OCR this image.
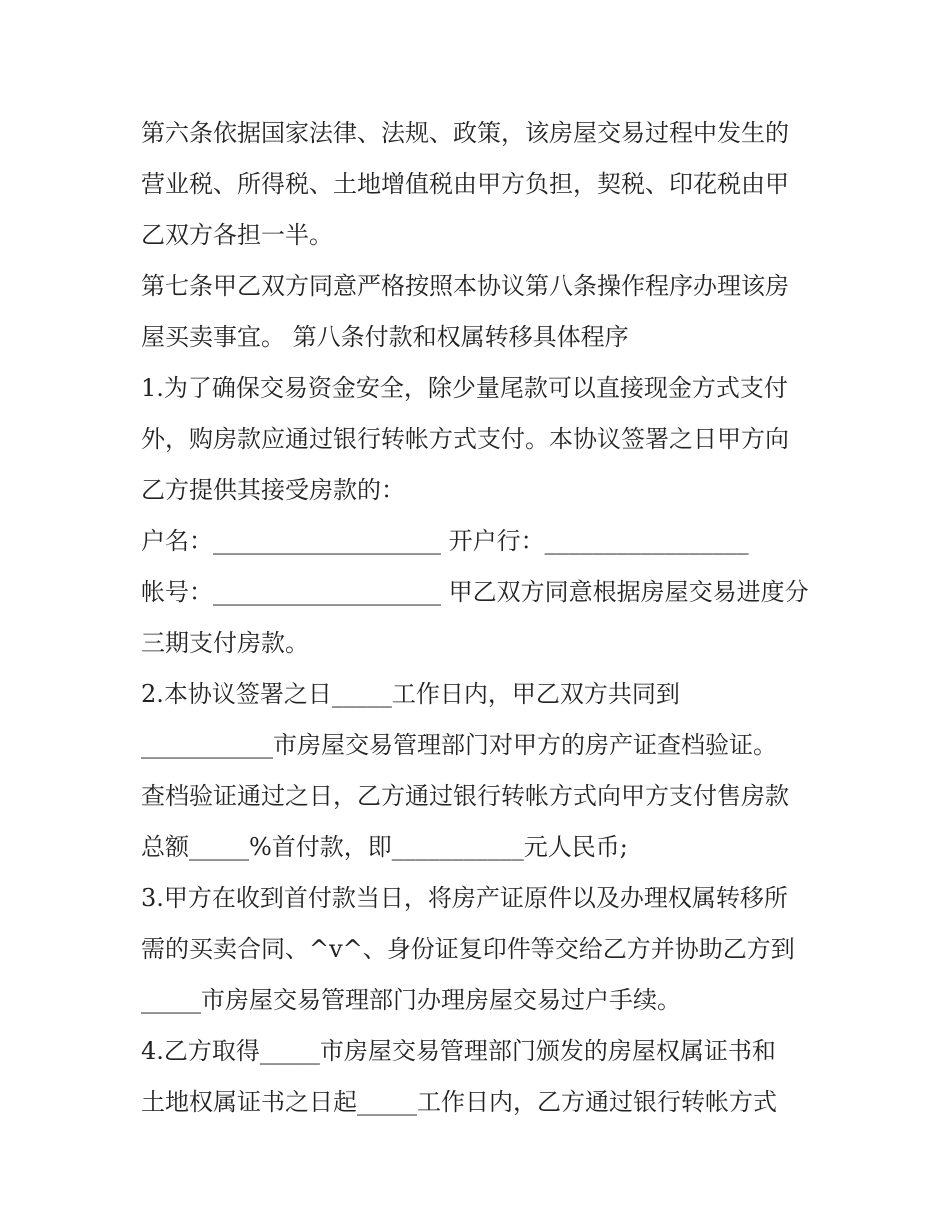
第六条依据国家法律、法规、政策，该房屋交易过程中发生的
营业税、所得税、土地增值税由甲方负担，契税、印花税由甲
乙双方各担一半。
第七条甲乙双方同意严格按照本协议第八条操作程序办理该房
屋买卖事宜。 第八条付款和权属转移具体程序
1.为了确保交易资金安全，除少量尾款可以直接现金方式支付
外，购房款应通过银行转帐方式支付。本协议签署之日甲方向
乙方提供其接受房款的：
户名：___________________ 开户行：_________________
帐号：___________________ 甲乙双方同意根据房屋交易进度分
三期支付房款。
2.本协议签署之日_____工作日内，甲乙双方共同到
___________市房屋交易管理部门对甲方的房产证查档验证。
查档验证通过之日，乙方通过银行转帐方式向甲方支付售房款
总额_____%首付款，即___________元人民币;
3.甲方在收到首付款当日，将房产证原件以及办理权属转移所
需的买卖合同、^v^、身份证复印件等交给乙方并协助乙方到
_____市房屋交易管理部门办理房屋交易过户手续。
4.乙方取得_____市房屋交易管理部门颁发的房屋权属证书和
土地权属证书之日起_____工作日内，乙方通过银行转帐方式
